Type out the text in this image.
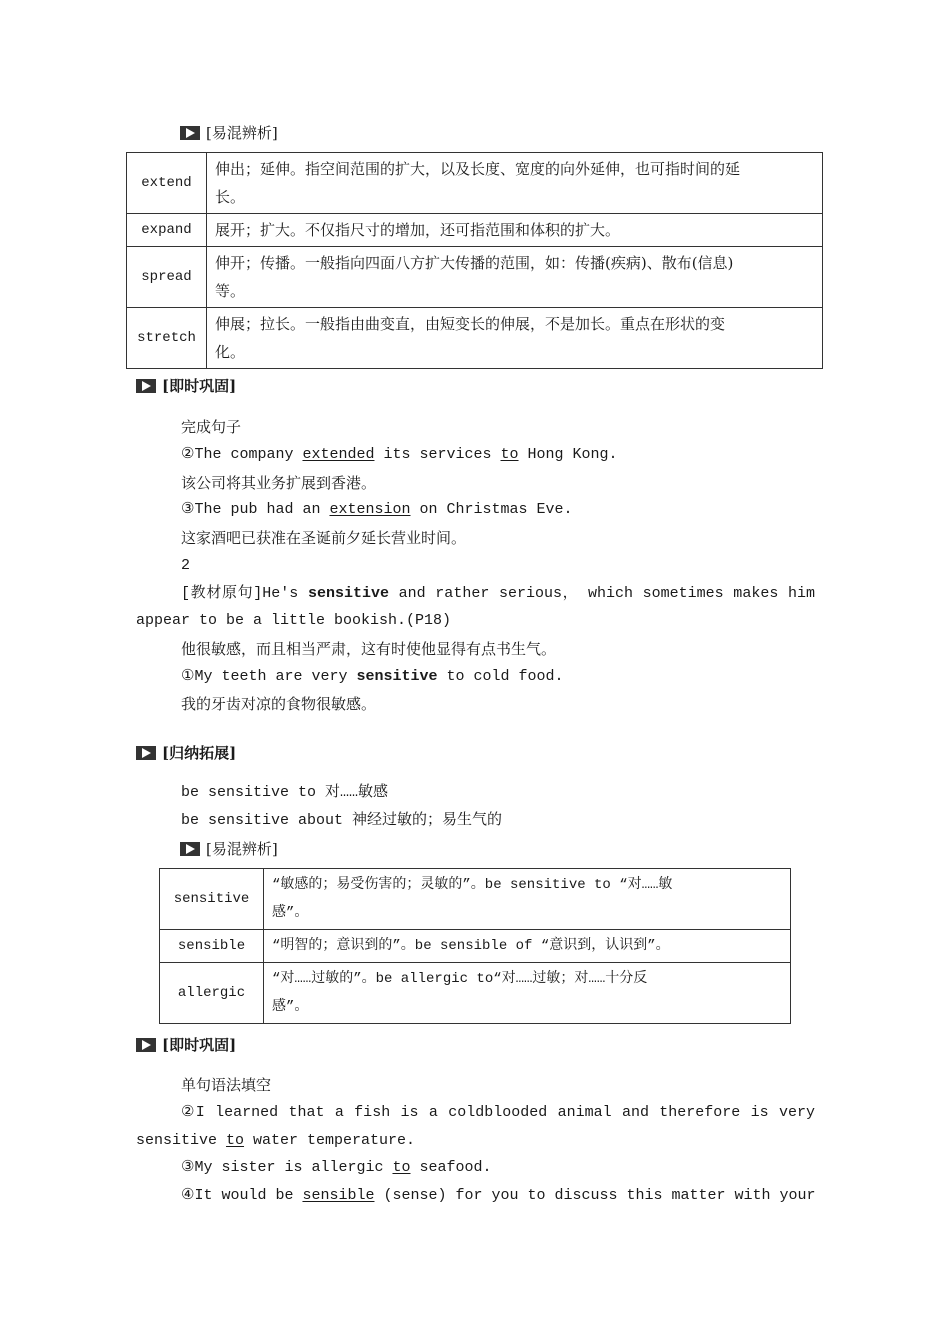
[易混辨析]
extend	伸出；延伸。指空间范围的扩大，以及长度、宽度的向外延伸，也可指时间的延
长。
expand	展开；扩大。不仅指尺寸的增加，还可指范围和体积的扩大。
spread	伸开；传播。一般指向四面八方扩大传播的范围，如：传播(疾病)、散布(信息)
等。
stretch	伸展；拉长。一般指由曲变直，由短变长的伸展，不是加长。重点在形状的变
化。
[即时巩固]
完成句子
②The company extended its services to Hong Kong.
该公司将其业务扩展到香港。
③The pub had an extension on Christmas Eve.
这家酒吧已获准在圣诞前夕延长营业时间。
2
[教材原句]He's sensitive and rather serious， which sometimes makes him
appear to be a little bookish.(P18)
他很敏感，而且相当严肃，这有时使他显得有点书生气。
①My teeth are very sensitive to cold food.
我的牙齿对凉的食物很敏感。
[归纳拓展]
be sensitive to 对……敏感
be sensitive about 神经过敏的；易生气的
[易混辨析]
sensitive	“敏感的；易受伤害的；灵敏的”。be sensitive to “对……敏
感”。
sensible	“明智的；意识到的”。be sensible of “意识到，认识到”。
allergic	“对……过敏的”。be allergic to“对……过敏；对……十分反
感”。
[即时巩固]
单句语法填空
②I learned that a fish is a coldblooded animal and therefore is very
sensitive to water temperature.
③My sister is allergic to seafood.
④It would be sensible (sense) for you to discuss this matter with your
